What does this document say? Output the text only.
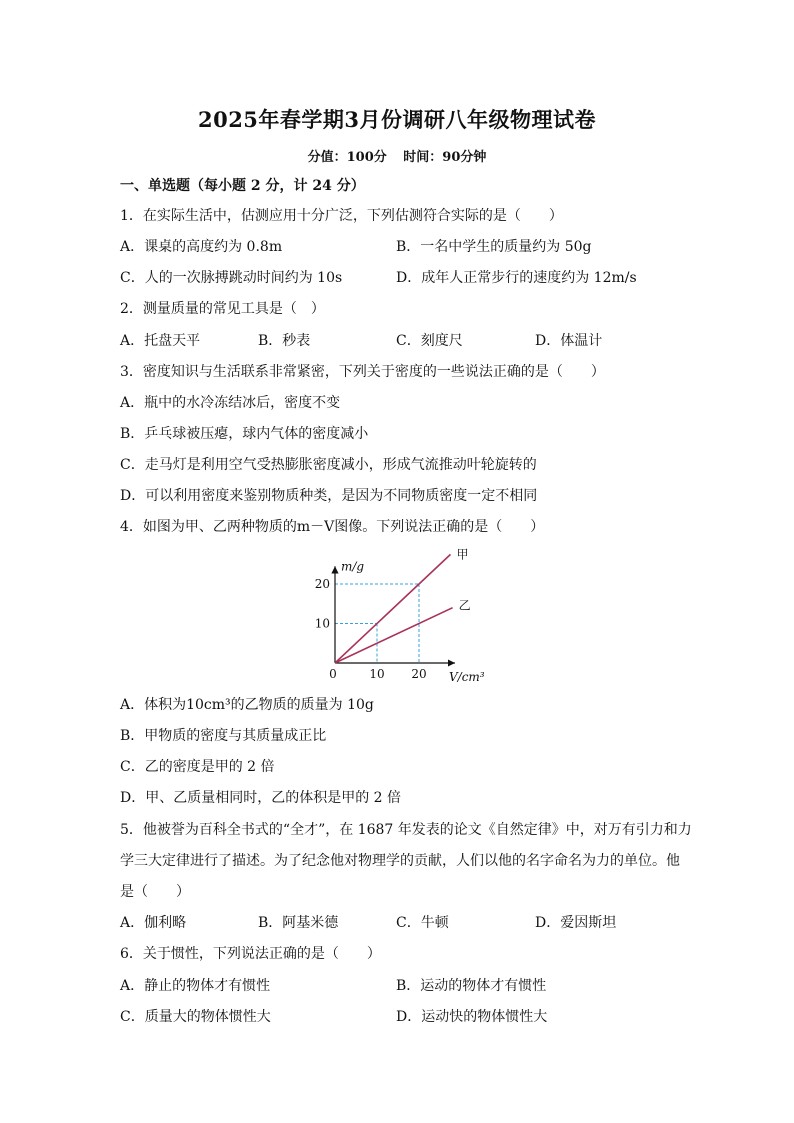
2025年春学期3月份调研八年级物理试卷
分值：100分 时间：90分钟
一、单选题（每小题 2 分，计 24 分）
1．在实际生活中，估测应用十分广泛，下列估测符合实际的是（　　）
A．课桌的高度约为 0.8m	B．一名中学生的质量约为 50g
C．人的一次脉搏跳动时间约为 10s	D．成年人正常步行的速度约为 12m/s
2．测量质量的常见工具是（　）
A．托盘天平	B．秒表	C．刻度尺	D．体温计
3．密度知识与生活联系非常紧密，下列关于密度的一些说法正确的是（　　）
A．瓶中的水冷冻结冰后，密度不变
B．乒乓球被压瘪，球内气体的密度减小
C．走马灯是利用空气受热膨胀密度减小，形成气流推动叶轮旋转的
D．可以利用密度来鉴别物质种类，是因为不同物质密度一定不相同
4．如图为甲、乙两种物质的m－V图像。下列说法正确的是（　　）
甲
乙
0	10 20
10
20
m/g
V/cm³
A．体积为10cm³的乙物质的质量为 10g
B．甲物质的密度与其质量成正比
C．乙的密度是甲的 2 倍
D．甲、乙质量相同时，乙的体积是甲的 2 倍
5．他被誉为百科全书式的“全才”，在 1687 年发表的论文《自然定律》中，对万有引力和力
学三大定律进行了描述。为了纪念他对物理学的贡献，人们以他的名字命名为力的单位。他
是（　　）
A．伽利略	B．阿基米德	C．牛顿	D．爱因斯坦
6．关于惯性，下列说法正确的是（　　）
A．静止的物体才有惯性	B．运动的物体才有惯性
C．质量大的物体惯性大	D．运动快的物体惯性大
